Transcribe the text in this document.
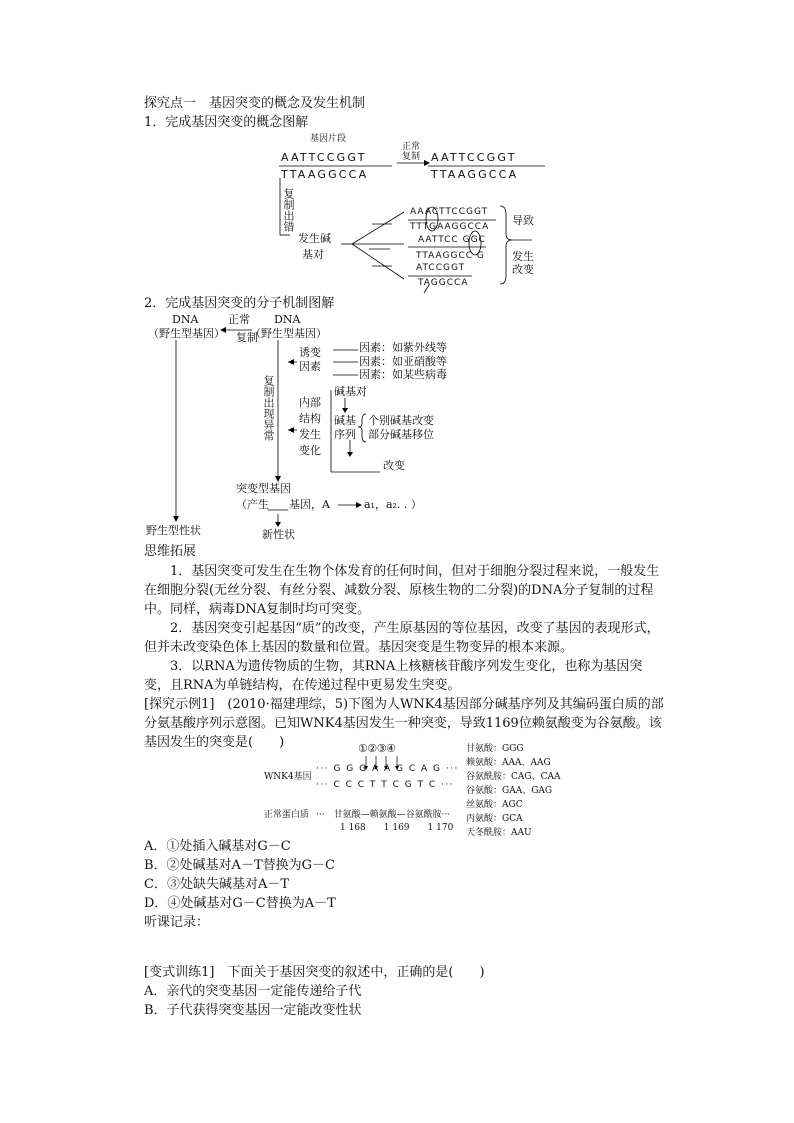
探究点一　基因突变的概念及发生机制
1．完成基因突变的概念图解
基因片段
正常
复制
AATTCCGGT
TTAAGGCCA
AATTCCGGT
TTAAGGCCA
复制出错
发生碱
基对
AAACTTCCGGT
TTTGAAGGCCA
AATTCC GGC
TTAAGGCC G
ATCCGGT
TAGGCCA
导致
发生
改变
2．完成基因突变的分子机制图解
DNA
（野生型基因）
正常
复制
DNA
（野生型基因）
复制出现异常
诱变
因素
因素：如紫外线等
因素：如亚硝酸等
因素：如某些病毒
内部
结构
发生
变化
碱基对
碱基
序列
个别碱基改变
部分碱基移位
改变
突变型基因
（产生 基因，A	a₁，a₂. . ）
新性状
野生型性状
思维拓展
1．基因突变可发生在生物个体发育的任何时间，但对于细胞分裂过程来说，一般发生在细胞分裂(无丝分裂、有丝分裂、减数分裂、原核生物的二分裂)的DNA分子复制的过程中。同样，病毒DNA复制时均可突变。
2．基因突变引起基因“质”的改变，产生原基因的等位基因，改变了基因的表现形式，但并未改变染色体上基因的数量和位置。基因突变是生物变异的根本来源。
3．以RNA为遗传物质的生物，其RNA上核糖核苷酸序列发生变化，也称为基因突变，且RNA为单链结构，在传递过程中更易发生突变。
[探究示例1]　(2010·福建理综，5)下图为人WNK4基因部分碱基序列及其编码蛋白质的部分氨基酸序列示意图。已知WNK4基因发生一种突变，导致1169位赖氨酸变为谷氨酸。该基因发生的突变是(　　)	①②③④
WNK4基因
··· G G G A A G C A G ···
··· C C C T T C G T C ···
正常蛋白质 ···　甘氨酸—赖氨酸—谷氨酰胺···
1 168　　1 169　　1 170
甘氨酸：GGG
赖氨酸：AAA、AAG
谷氨酰胺：CAG、CAA
谷氨酸：GAA、GAG
丝氨酸：AGC
丙氨酸：GCA
天冬酰胺：AAU
A．①处插入碱基对G－C
B．②处碱基对A－T替换为G－C
C．③处缺失碱基对A－T
D．④处碱基对G－C替换为A－T
听课记录：
[变式训练1]　下面关于基因突变的叙述中，正确的是(　　)
A．亲代的突变基因一定能传递给子代
B．子代获得突变基因一定能改变性状
